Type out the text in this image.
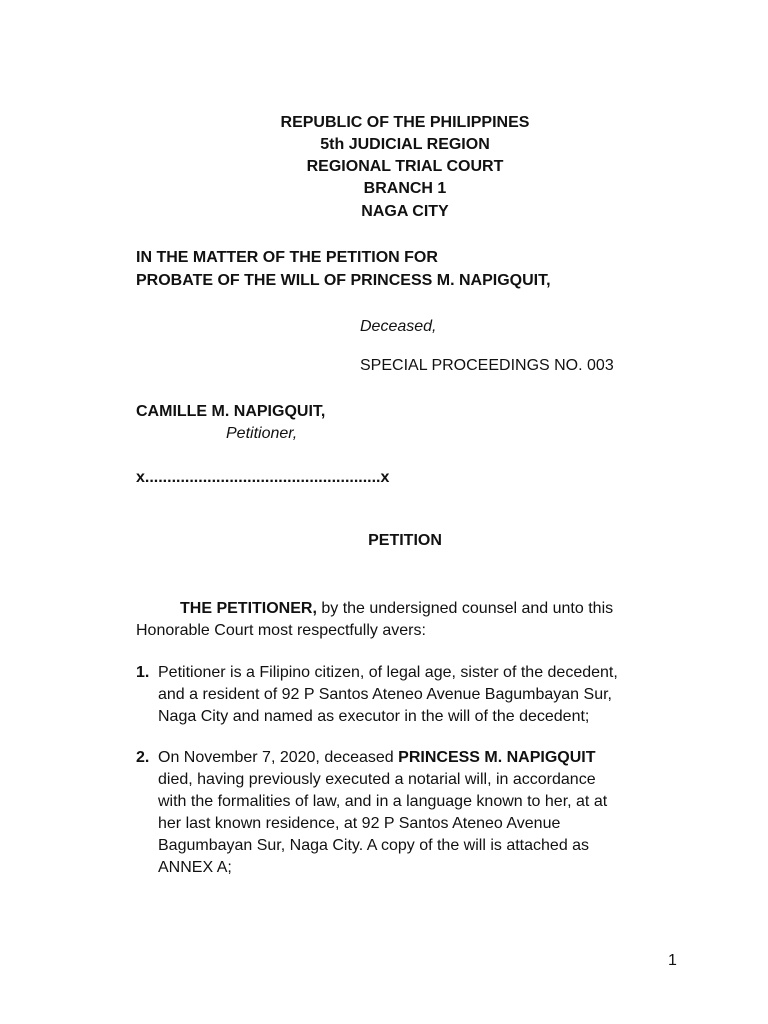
REPUBLIC OF THE PHILIPPINES
5th JUDICIAL REGION
REGIONAL TRIAL COURT
BRANCH 1
NAGA CITY
IN THE MATTER OF THE PETITION FOR
PROBATE OF THE WILL OF PRINCESS M. NAPIGQUIT,
Deceased,
SPECIAL PROCEEDINGS NO. 003
CAMILLE M. NAPIGQUIT,
Petitioner,
x.....................................................x
PETITION
THE PETITIONER, by the undersigned counsel and unto this
Honorable Court most respectfully avers:
1. Petitioner is a Filipino citizen, of legal age, sister of the decedent,
and a resident of 92 P Santos Ateneo Avenue Bagumbayan Sur,
Naga City and named as executor in the will of the decedent;
2. On November 7, 2020, deceased PRINCESS M. NAPIGQUIT
died, having previously executed a notarial will, in accordance
with the formalities of law, and in a language known to her, at at
her last known residence, at 92 P Santos Ateneo Avenue
Bagumbayan Sur, Naga City. A copy of the will is attached as
ANNEX A;
1
